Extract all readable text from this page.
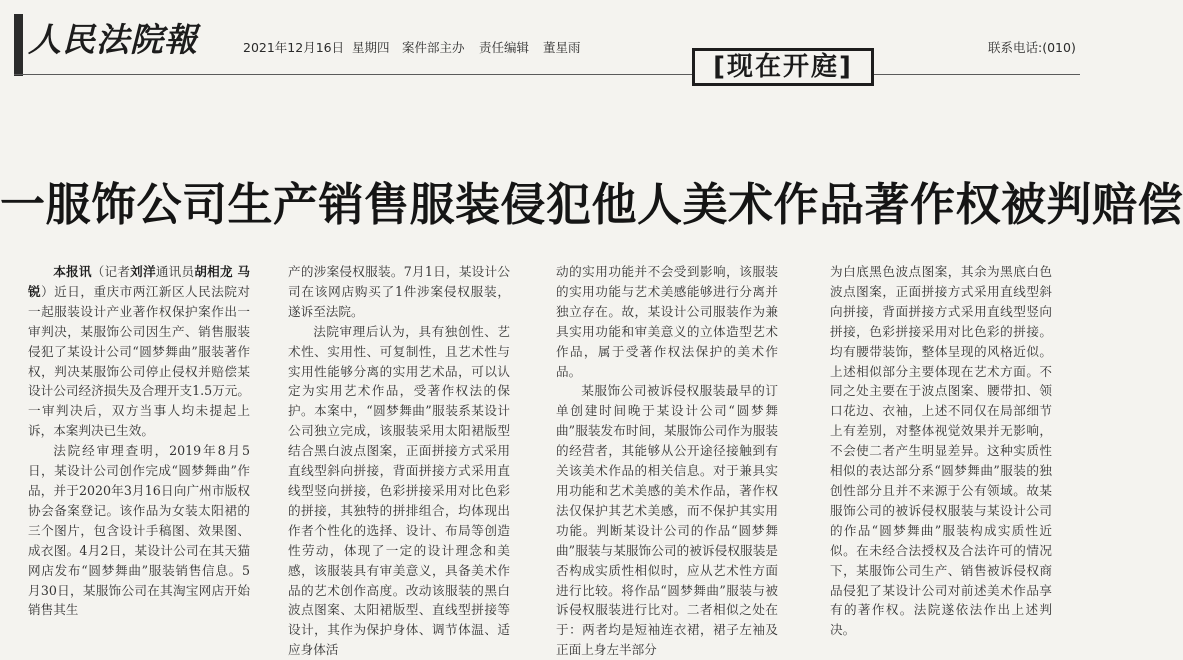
人民法院報	2021年12月16日 星期四 案件部主办 责任编辑 董星雨	联系电话:(010)
[现在开庭]
一服饰公司生产销售服装侵犯他人美术作品著作权被判赔偿

本报讯（记者刘洋通讯员胡相龙 马锐）近日，重庆市两江新区人民法院对一起服装设计产业著作权保护案作出一审判决，某服饰公司因生产、销售服装侵犯了某设计公司“圆梦舞曲”服装著作权，判决某服饰公司停止侵权并赔偿某设计公司经济损失及合理开支1.5万元。一审判决后，双方当事人均未提起上诉，本案判决已生效。

法院经审理查明，2019年8月5日，某设计公司创作完成“圆梦舞曲”作品，并于2020年3月16日向广州市版权协会备案登记。该作品为女装太阳裙的三个图片，包含设计手稿图、效果图、成衣图。4月2日，某设计公司在其天猫网店发布“圆梦舞曲”服装销售信息。5月30日，某服饰公司在其淘宝网店开始销售其生

产的涉案侵权服装。7月1日，某设计公司在该网店购买了1件涉案侵权服装，遂诉至法院。

法院审理后认为，具有独创性、艺术性、实用性、可复制性，且艺术性与实用性能够分离的实用艺术品，可以认定为实用艺术作品，受著作权法的保护。本案中，“圆梦舞曲”服装系某设计公司独立完成，该服装采用太阳裙版型结合黑白波点图案，正面拼接方式采用直线型斜向拼接，背面拼接方式采用直线型竖向拼接，色彩拼接采用对比色彩的拼接，其独特的拼排组合，均体现出作者个性化的选择、设计、布局等创造性劳动，体现了一定的设计理念和美感，该服装具有审美意义，具备美术作品的艺术创作高度。改动该服装的黑白波点图案、太阳裙版型、直线型拼接等设计，其作为保护身体、调节体温、适应身体活

动的实用功能并不会受到影响，该服装的实用功能与艺术美感能够进行分离并独立存在。故，某设计公司服装作为兼具实用功能和审美意义的立体造型艺术作品，属于受著作权法保护的美术作品。

某服饰公司被诉侵权服装最早的订单创建时间晚于某设计公司“圆梦舞曲”服装发布时间，某服饰公司作为服装的经营者，其能够从公开途径接触到有关该美术作品的相关信息。对于兼具实用功能和艺术美感的美术作品，著作权法仅保护其艺术美感，而不保护其实用功能。判断某设计公司的作品“圆梦舞曲”服装与某服饰公司的被诉侵权服装是否构成实质性相似时，应从艺术性方面进行比较。将作品“圆梦舞曲”服装与被诉侵权服装进行比对。二者相似之处在于：两者均是短袖连衣裙，裙子左袖及正面上身左半部分

为白底黑色波点图案，其余为黑底白色波点图案，正面拼接方式采用直线型斜向拼接，背面拼接方式采用直线型竖向拼接，色彩拼接采用对比色彩的拼接。均有腰带装饰，整体呈现的风格近似。上述相似部分主要体现在艺术方面。不同之处主要在于波点图案、腰带扣、领口花边、衣袖，上述不同仅在局部细节上有差别，对整体视觉效果并无影响，不会使二者产生明显差异。这种实质性相似的表达部分系“圆梦舞曲”服装的独创性部分且并不来源于公有领域。故某服饰公司的被诉侵权服装与某设计公司的作品“圆梦舞曲”服装构成实质性近似。在未经合法授权及合法许可的情况下，某服饰公司生产、销售被诉侵权商品侵犯了某设计公司对前述美术作品享有的著作权。法院遂依法作出上述判决。
